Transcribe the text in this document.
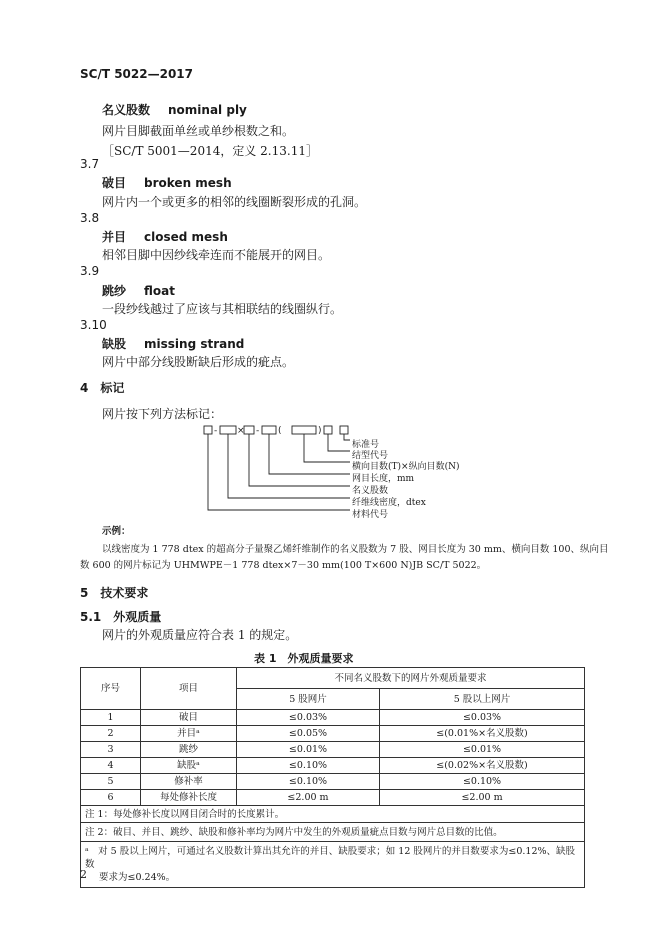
SC/T 5022—2017
名义股数 nominal ply
网片目脚截面单丝或单纱根数之和。
［SC/T 5001—2014，定义 2.13.11］
3.7
破目 broken mesh
网片内一个或更多的相邻的线圈断裂形成的孔洞。
3.8
并目 closed mesh
相邻目脚中因纱线牵连而不能展开的网目。
3.9
跳纱 float
一段纱线越过了应该与其相联结的线圈纵行。
3.10
缺股 missing strand
网片中部分线股断缺后形成的疵点。
4 标记
网片按下列方法标记：
- × - (	)
标准号
结型代号
横向目数(T)×纵向目数(N)
网目长度，mm
名义股数
纤维线密度，dtex
材料代号
示例：
以线密度为 1 778 dtex 的超高分子量聚乙烯纤维制作的名义股数为 7 股、网目长度为 30 mm、横向目数 100、纵向目
数 600 的网片标记为 UHMWPE－1 778 dtex×7－30 mm(100 T×600 N)JB SC/T 5022。
5 技术要求
5.1 外观质量
网片的外观质量应符合表 1 的规定。
表 1　外观质量要求
序号	项目	不同名义股数下的网片外观质量要求	
		5 股网片	5 股以上网片
1	破目	≤0.03%	≤0.03%
2	并目ᵃ	≤0.05%	≤(0.01%×名义股数)
3	跳纱	≤0.01%	≤0.01%
4	缺股ᵃ	≤0.10%	≤(0.02%×名义股数)
5	修补率	≤0.10%	≤0.10%
6	每处修补长度	≤2.00 m	≤2.00 m
注 1：每处修补长度以网目闭合时的长度累计。			
注 2：破目、并目、跳纱、缺股和修补率均为网片中发生的外观质量疵点目数与网片总目数的比值。			

ᵃ　对 5 股以上网片，可通过名义股数计算出其允许的并目、缺股要求；如 12 股网片的并目数要求为≤0.12%、缺股数
要求为≤0.24%。			
2
